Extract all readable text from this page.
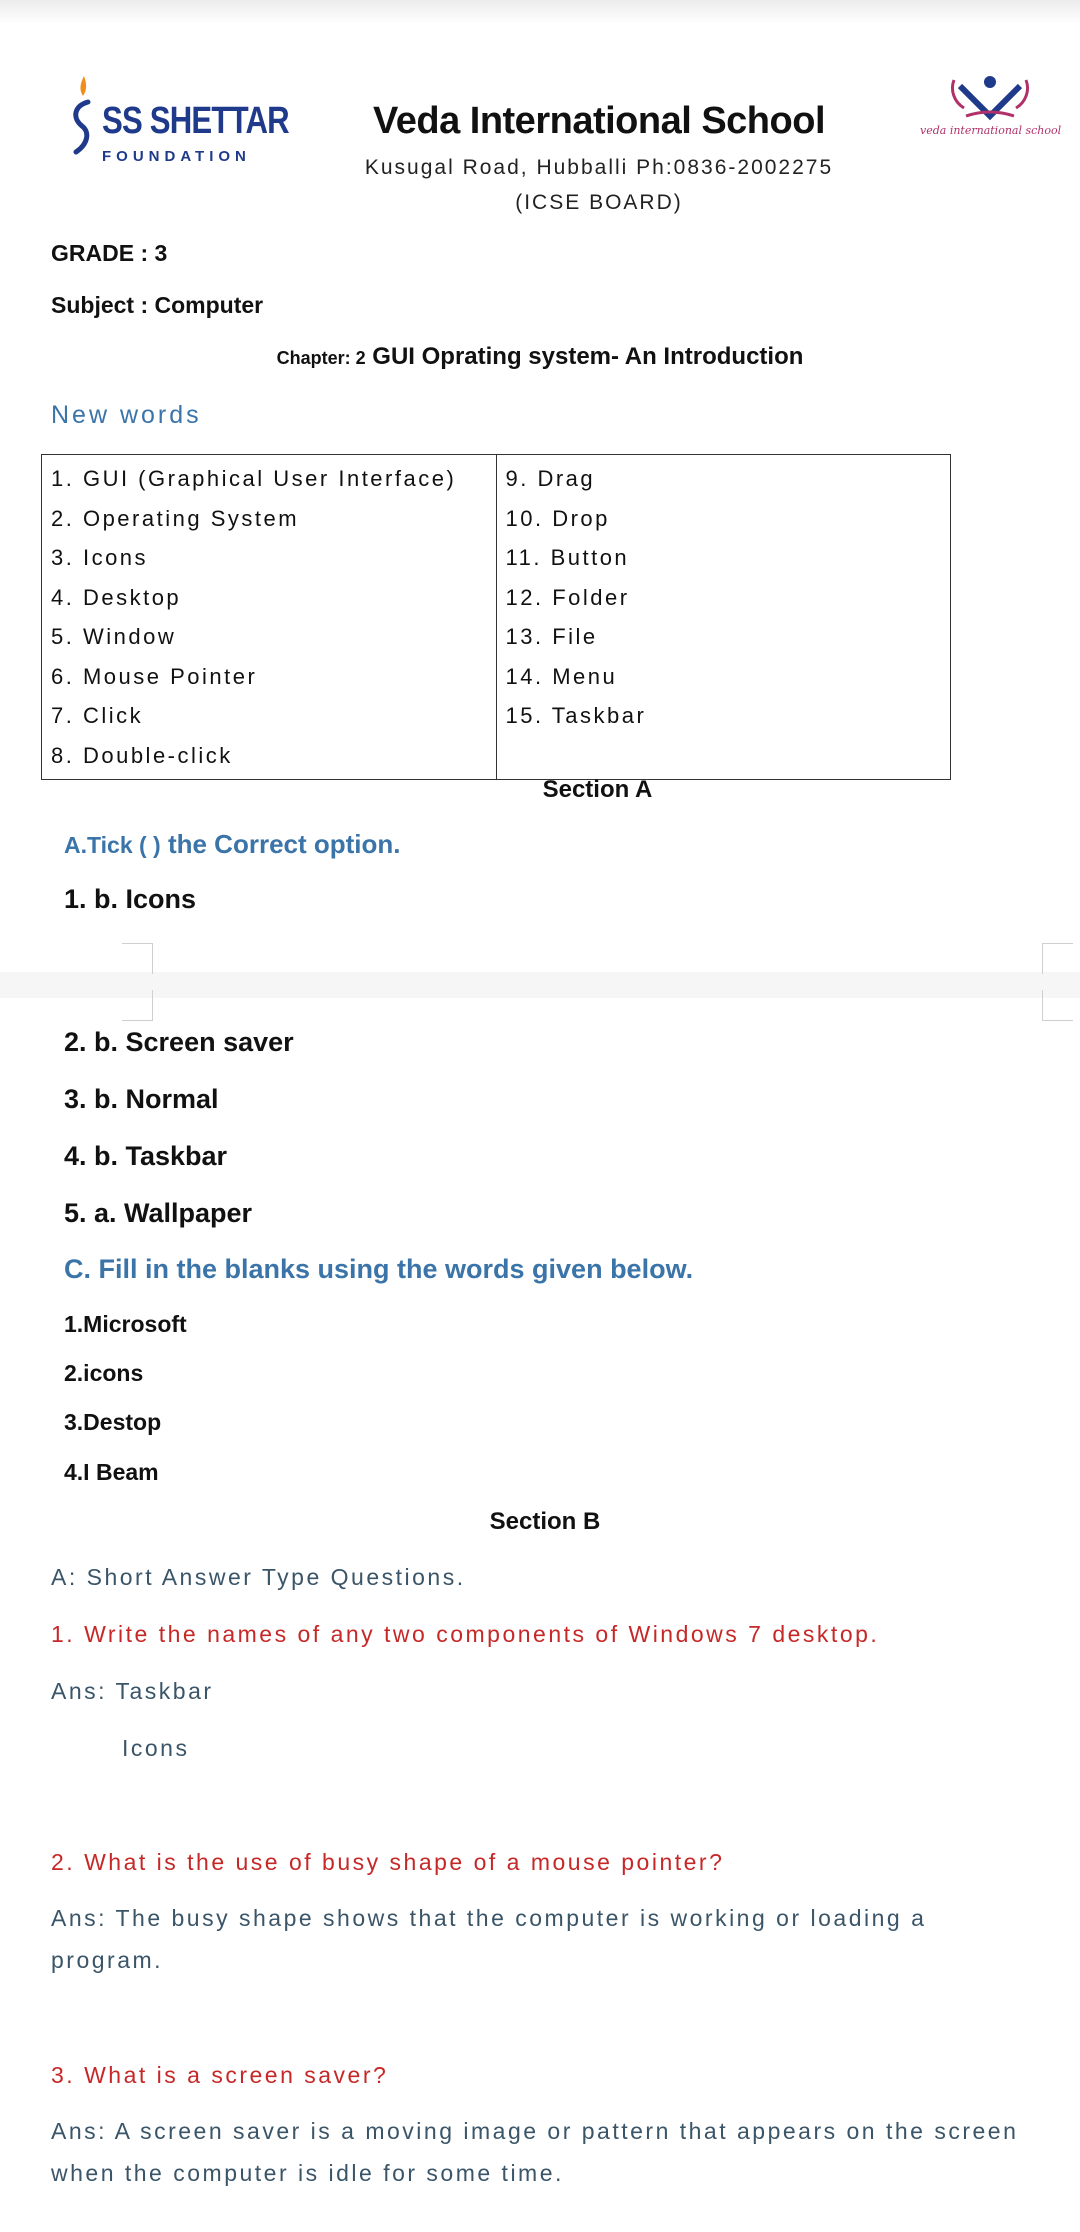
SS SHETTAR
FOUNDATION
veda international school
Veda International School
Kusugal Road, Hubballi Ph:0836-2002275
(ICSE BOARD)
GRADE : 3
Subject : Computer
Chapter: 2 GUI Oprating system- An Introduction
New words
1. GUI (Graphical User Interface)
2. Operating System
3. Icons
4. Desktop
5. Window
6. Mouse Pointer
7. Click
8. Double-click

9. Drag
10. Drop
11. Button
12. Folder
13. File
14. Menu
15. Taskbar
Section A
A.Tick ( ) the Correct option.
1. b. Icons
2. b. Screen saver
3. b. Normal
4. b. Taskbar
5. a. Wallpaper
C. Fill in the blanks using the words given below.
1.Microsoft
2.icons
3.Destop
4.I Beam
Section B
A: Short Answer Type Questions.
1. Write the names of any two components of Windows 7 desktop.
Ans: Taskbar
Icons
2. What is the use of busy shape of a mouse pointer?
Ans: The busy shape shows that the computer is working or loading a program.
3. What is a screen saver?
Ans: A screen saver is a moving image or pattern that appears on the screen when the computer is idle for some time.
